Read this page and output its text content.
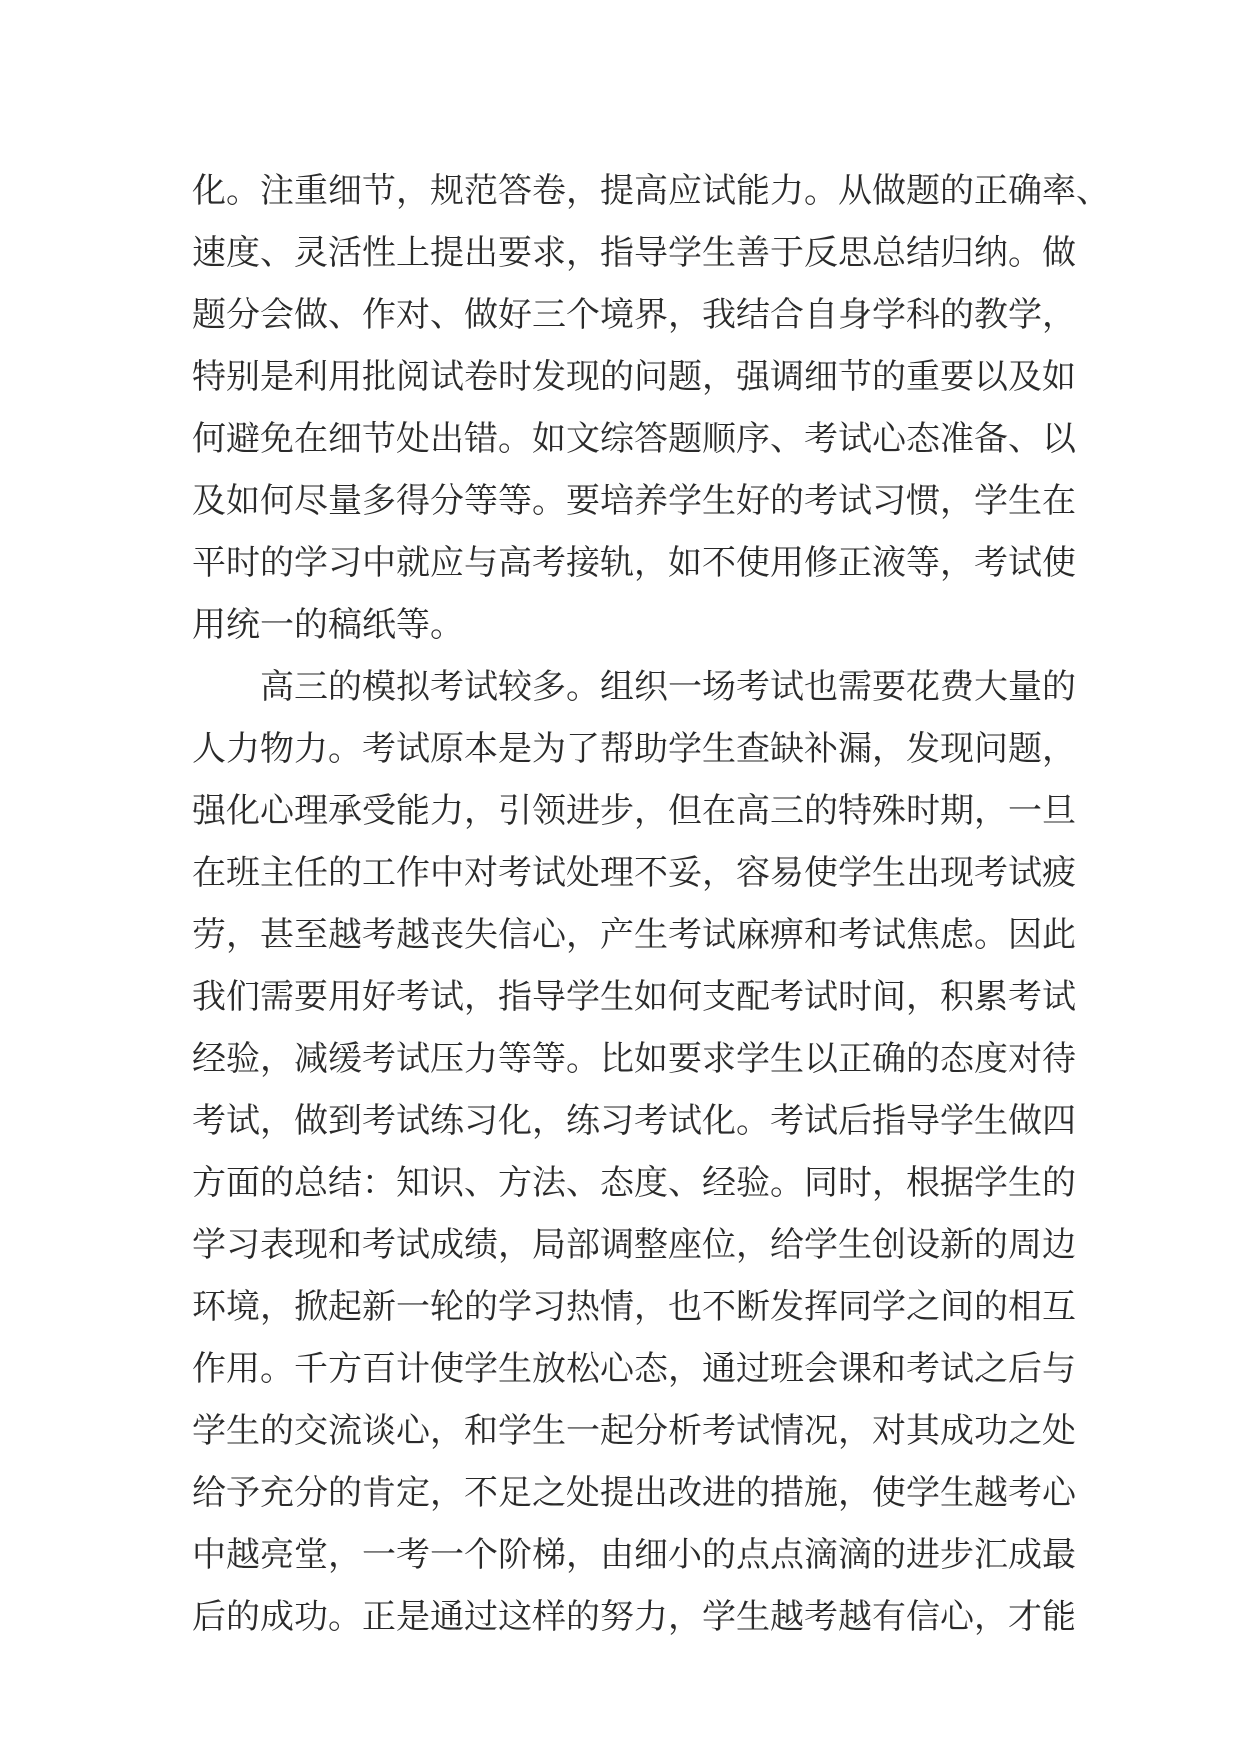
化。注重细节，规范答卷，提高应试能力。从做题的正确率、
速度、灵活性上提出要求，指导学生善于反思总结归纳。做
题分会做、作对、做好三个境界，我结合自身学科的教学，
特别是利用批阅试卷时发现的问题，强调细节的重要以及如
何避免在细节处出错。如文综答题顺序、考试心态准备、以
及如何尽量多得分等等。要培养学生好的考试习惯，学生在
平时的学习中就应与高考接轨，如不使用修正液等，考试使
用统一的稿纸等。
高三的模拟考试较多。组织一场考试也需要花费大量的
人力物力。考试原本是为了帮助学生查缺补漏，发现问题，
强化心理承受能力，引领进步，但在高三的特殊时期，一旦
在班主任的工作中对考试处理不妥，容易使学生出现考试疲
劳，甚至越考越丧失信心，产生考试麻痹和考试焦虑。因此
我们需要用好考试，指导学生如何支配考试时间，积累考试
经验，减缓考试压力等等。比如要求学生以正确的态度对待
考试，做到考试练习化，练习考试化。考试后指导学生做四
方面的总结：知识、方法、态度、经验。同时，根据学生的
学习表现和考试成绩，局部调整座位，给学生创设新的周边
环境，掀起新一轮的学习热情，也不断发挥同学之间的相互
作用。千方百计使学生放松心态，通过班会课和考试之后与
学生的交流谈心，和学生一起分析考试情况，对其成功之处
给予充分的肯定，不足之处提出改进的措施，使学生越考心
中越亮堂，一考一个阶梯，由细小的点点滴滴的进步汇成最
后的成功。正是通过这样的努力，学生越考越有信心，才能
